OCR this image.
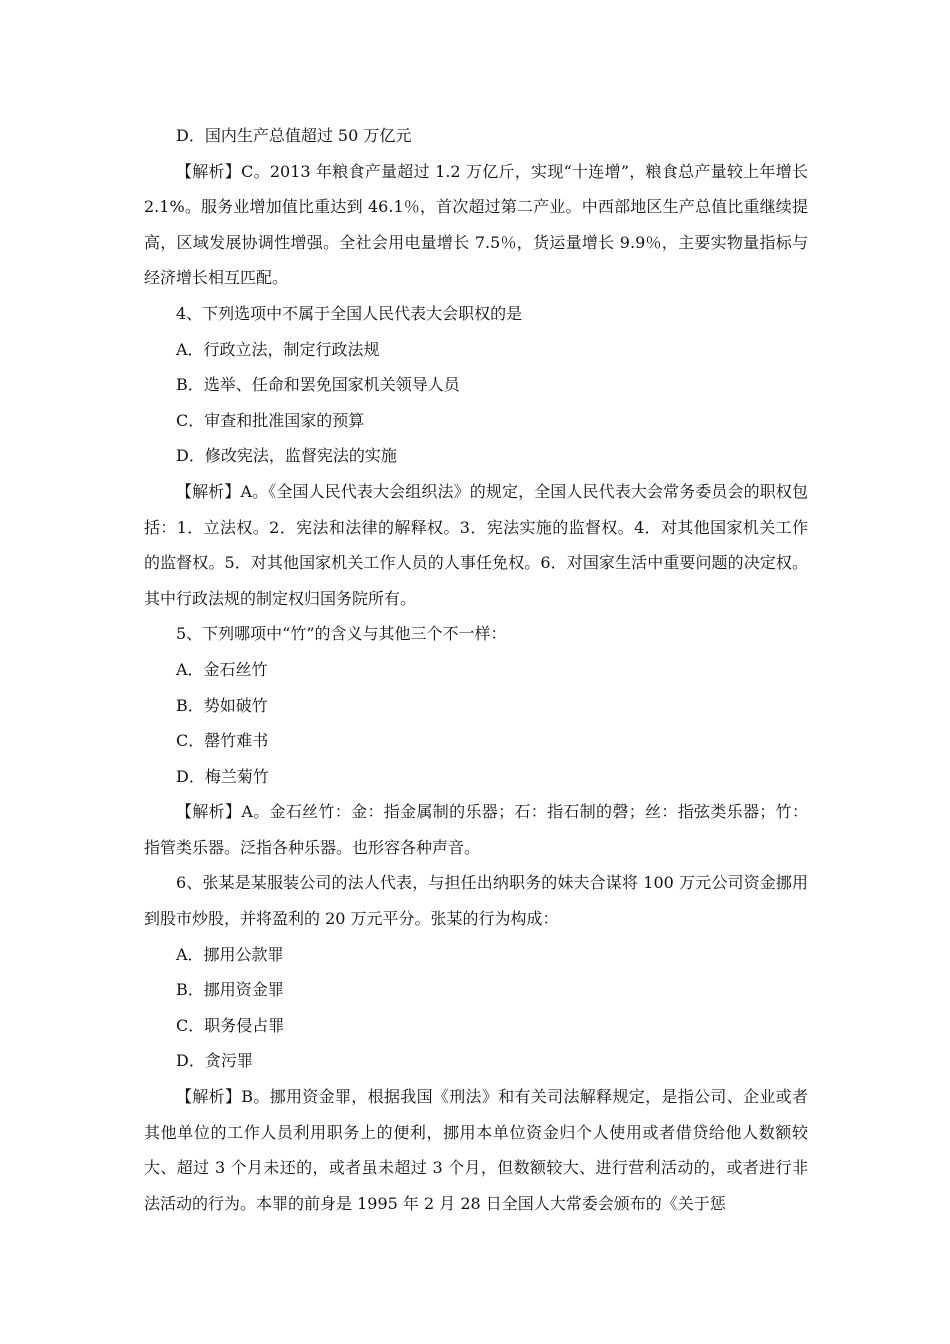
D．国内生产总值超过 50 万亿元

【解析】C。2013 年粮食产量超过 1.2 万亿斤，实现“十连增”，粮食总产量较上年增长 2.1%。服务业增加值比重达到 46.1％，首次超过第二产业。中西部地区生产总值比重继续提高，区域发展协调性增强。全社会用电量增长 7.5％，货运量增长 9.9％，主要实物量指标与经济增长相互匹配。

4、下列选项中不属于全国人民代表大会职权的是

A．行政立法，制定行政法规

B．选举、任命和罢免国家机关领导人员

C．审查和批准国家的预算

D．修改宪法，监督宪法的实施

【解析】A。《全国人民代表大会组织法》的规定，全国人民代表大会常务委员会的职权包括：1．立法权。2．宪法和法律的解释权。3．宪法实施的监督权。4．对其他国家机关工作的监督权。5．对其他国家机关工作人员的人事任免权。6．对国家生活中重要问题的决定权。其中行政法规的制定权归国务院所有。

5、下列哪项中“竹”的含义与其他三个不一样：

A．金石丝竹

B．势如破竹

C．罄竹难书

D．梅兰菊竹

【解析】A。金石丝竹：金：指金属制的乐器；石：指石制的磬；丝：指弦类乐器；竹：指管类乐器。泛指各种乐器。也形容各种声音。

6、张某是某服装公司的法人代表，与担任出纳职务的妹夫合谋将 100 万元公司资金挪用到股市炒股，并将盈利的 20 万元平分。张某的行为构成：

A．挪用公款罪

B．挪用资金罪

C．职务侵占罪

D．贪污罪

【解析】B。挪用资金罪，根据我国《刑法》和有关司法解释规定，是指公司、企业或者其他单位的工作人员利用职务上的便利，挪用本单位资金归个人使用或者借贷给他人数额较大、超过 3 个月未还的，或者虽未超过 3 个月，但数额较大、进行营利活动的，或者进行非法活动的行为。本罪的前身是 1995 年 2 月 28 日全国人大常委会颁布的《关于惩
